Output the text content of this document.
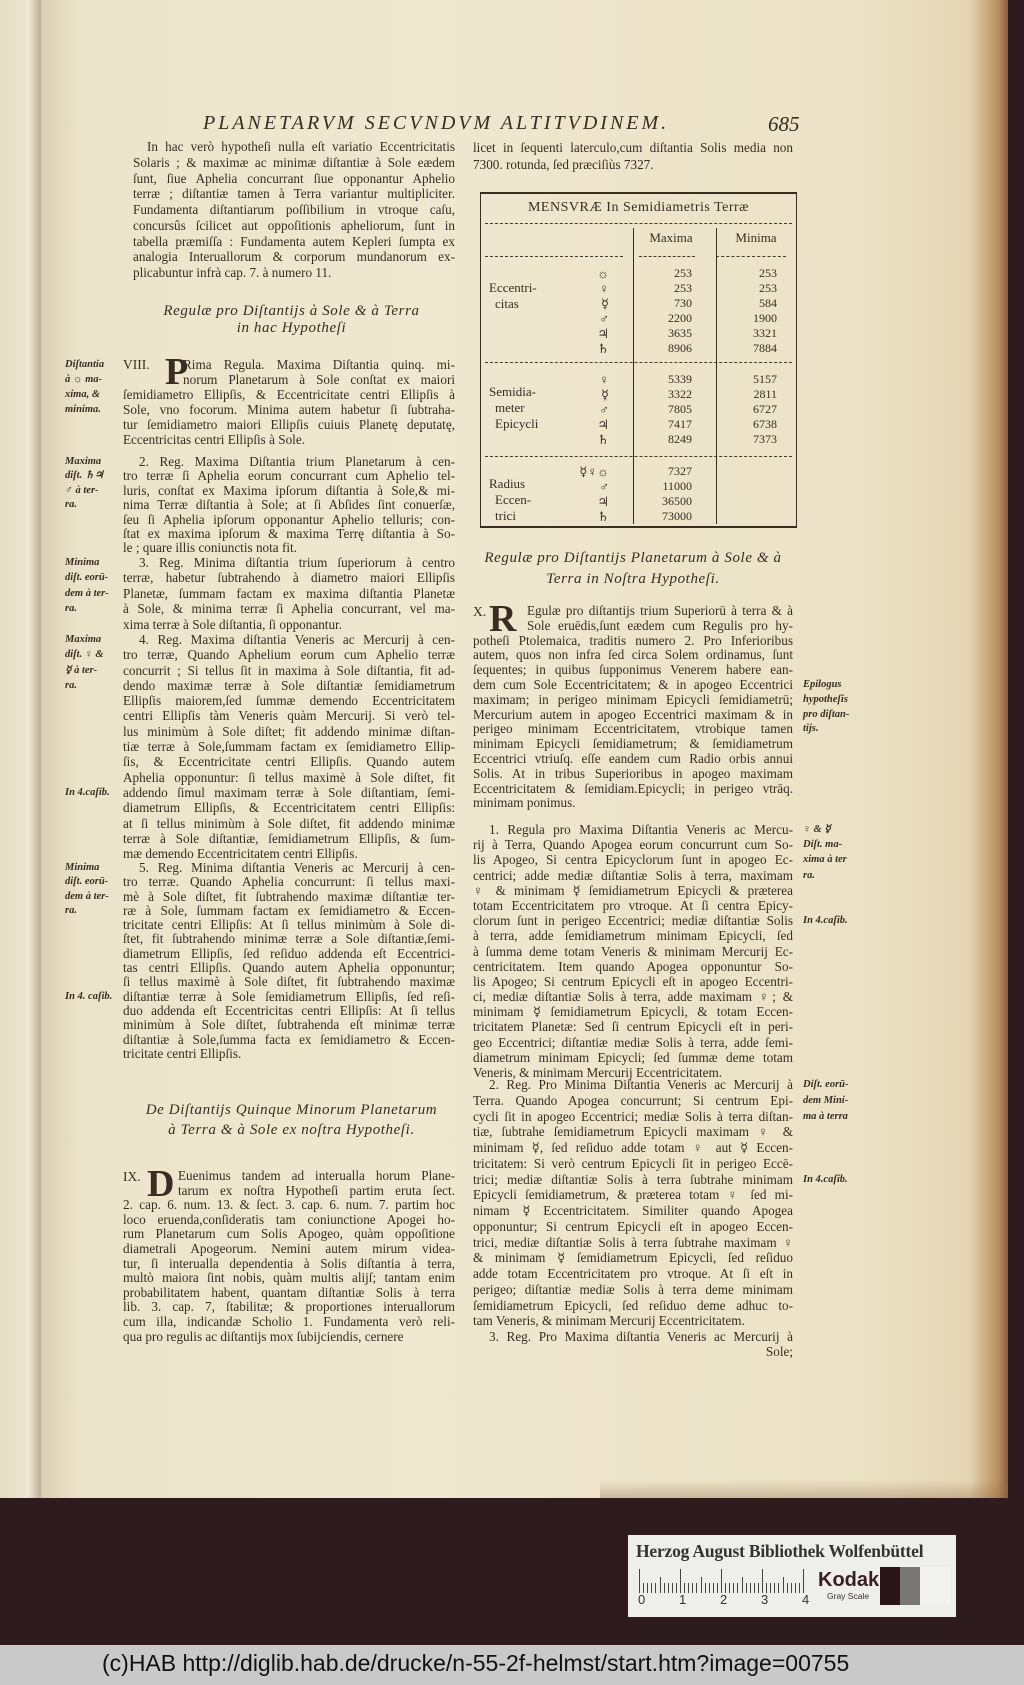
PLANETARVM SECVNDVM ALTITVDINEM.	685
In hac verò hypotheſi nulla eſt variatio Eccentricitatis
Solaris ; & maximæ ac minimæ diſtantiæ à Sole eædem
ſunt, ſiue Aphelia concurrant ſiue opponantur Aphelio
terræ ; diſtantiæ tamen à Terra variantur multipliciter.
Fundamenta diſtantiarum poſſibilium in vtroque caſu,
concursûs ſcilicet aut oppoſitionis apheliorum, ſunt in
tabella præmiſſa : Fundamenta autem Kepleri ſumpta ex
analogia Interuallorum & corporum mundanorum ex-
plicabuntur infrà cap. 7. à numero 11.
Regulæ pro Diſtantijs à Sole & à Terra
in hac Hypotheſi
VIII. P
Rima Regula. Maxima Diſtantia quinq. mi-
Diſtantia
norum Planetarum à Sole conſtat ex maiori
à ☼ ma-
ſemidiametro Ellipſis, & Eccentricitate centri Ellipſis à
xima, &
Sole, vno focorum. Minima autem habetur ſi ſubtraha-
minima.
tur ſemidiametro maiori Ellipſis cuiuis Planetę deputatę,
Eccentricitas centri Ellipſis à Sole.
2. Reg. Maxima Diſtantia trium Planetarum à cen-
Maxima
tro terræ ſi Aphelia eorum concurrant cum Aphelio tel-
diſt. ♄♃
luris, conſtat ex Maxima ipſorum diſtantia à Sole,& mi-
♂ à ter-
nima Terræ diſtantia à Sole; at ſi Abſides ſint conuerſæ,
ra.
ſeu ſi Aphelia ipſorum opponantur Aphelio telluris; con-
ſtat ex maxima ipſorum & maxima Terrę diſtantia à So-
le ; quare illis coniunctis nota fit.
3. Reg. Minima diſtantia trium ſuperiorum à centro
Minima
terræ, habetur ſubtrahendo à diametro maiori Ellipſis
diſt. eorū-
Planetæ, ſummam factam ex maxima diſtantia Planetæ
dem à ter-
à Sole, & minima terræ ſi Aphelia concurrant, vel ma-
ra.
xima terræ à Sole diſtantia, ſi opponantur.
4. Reg. Maxima diſtantia Veneris ac Mercurij à cen-
Maxima
tro terræ, Quando Aphelium eorum cum Aphelio terræ
diſt. ♀ &
concurrit ; Si tellus ſit in maxima à Sole diſtantia, fit ad-
☿ à ter-
dendo maximæ terræ à Sole diſtantiæ ſemidiametrum
ra.
Ellipſis maiorem,ſed ſummæ demendo Eccentricitatem
centri Ellipſis tàm Veneris quàm Mercurij. Si verò tel-
lus minimùm à Sole diſtet; fit addendo minimæ diſtan-
tiæ terræ à Sole,ſummam factam ex ſemidiametro Ellip-
ſis, & Eccentricitate centri Ellipſis. Quando autem
Aphelia opponuntur: ſi tellus maximè à Sole diſtet, fit
addendo ſimul maximam terræ à Sole diſtantiam, ſemi-
In 4.caſib.
diametrum Ellipſis, & Eccentricitatem centri Ellipſis:
at ſi tellus minimùm à Sole diſtet, fit addendo minimæ
terræ à Sole diſtantiæ, ſemidiametrum Ellipſis, & ſum-
mæ demendo Eccentricitatem centri Ellipſis.
5. Reg. Minima diſtantia Veneris ac Mercurij à cen-
Minima
tro terræ. Quando Aphelia concurrunt: ſi tellus maxi-
diſt. eorū-
mè à Sole diſtet, fit ſubtrahendo maximæ diſtantiæ ter-
dem à ter-
ræ à Sole, ſummam factam ex ſemidiametro & Eccen-
ra.
tricitate centri Ellipſis: At ſi tellus minimùm à Sole di-
ſtet, fit ſubtrahendo minimæ terræ a Sole diſtantiæ,ſemi-
diametrum Ellipſis, ſed reſiduo addenda eſt Eccentrici-
tas centri Ellipſis. Quando autem Aphelia opponuntur;
ſi tellus maximè à Sole diſtet, fit ſubtrahendo maximæ
diſtantiæ terræ à Sole ſemidiametrum Ellipſis, ſed reſi-
In 4. caſib.
duo addenda eſt Eccentricitas centri Ellipſis: At ſi tellus
minimùm à Sole diſtet, ſubtrahenda eſt minimæ terræ
diſtantiæ à Sole,ſumma facta ex ſemidiametro & Eccen-
tricitate centri Ellipſis.
De Diſtantijs Quinque Minorum Planetarum
à Terra & à Sole ex noſtra Hypotheſi.
IX. D Euenimus tandem ad interualla horum Plane-
tarum ex noſtra Hypotheſi partim eruta ſect.
2. cap. 6. num. 13. & ſect. 3. cap. 6. num. 7. partim hoc
loco eruenda,conſideratis tam coniunctione Apogei ho-
rum Planetarum cum Solis Apogeo, quàm oppoſitione
diametrali Apogeorum. Nemini autem mirum videa-
tur, ſi interualla dependentia à Solis diſtantia à terra,
multò maiora ſint nobis, quàm multis alijſ; tantam enim
probabilitatem habent, quantam diſtantiæ Solis à terra
lib. 3. cap. 7, ſtabilitæ; & proportiones interuallorum
cum illa, indicandæ Scholio 1. Fundamenta verò reli-
qua pro regulis ac diſtantijs mox ſubijciendis, cernere
licet in ſequenti laterculo,cum diſtantia Solis media non
7300. rotunda, ſed præciſiùs 7327.
MENSVRÆ In Semidiametris Terræ
Maxima	Minima
Eccentri-
citas
☼	253	253
♀	253	253
☿	730	584
♂	2200	1900
♃	3635	3321
♄	8906	7884
Semidia-
meter
Epicycli
♀	5339	5157
☿	3322	2811
♂	7805	6727
♃	7417	6738
♄	8249	7373
Radius
Eccen-
trici
☿♀☼	7327
♂	11000
♃	36500
♄	73000
Regulæ pro Diſtantijs Planetarum à Sole & à
Terra in Noſtra Hypotheſi.
X. R Egulæ pro diſtantijs trium Superiorū à terra & à
Sole eruēdis,ſunt eædem cum Regulis pro hy-
potheſi Ptolemaica, traditis numero 2. Pro Inferioribus
autem, quos non infra ſed circa Solem ordinamus, ſunt
ſequentes; in quibus ſupponimus Venerem habere ean-
dem cum Sole Eccentricitatem; & in apogeo Eccentrici Epilogus
maximam; in perigeo minimam Epicycli ſemidiametrū; hypotheſis
Mercurium autem in apogeo Eccentrici maximam & in pro diſtan-
perigeo minimam Eccentricitatem, vtrobique tamen tijs.
minimam Epicycli ſemidiametrum; & ſemidiametrum
Eccentrici vtriuſq. eſſe eandem cum Radio orbis annui
Solis. At in tribus Superioribus in apogeo maximam
Eccentricitatem & ſemidiam.Epicycli; in perigeo vtrāq.
minimam ponimus.
1. Regula pro Maxima Diſtantia Veneris ac Mercu- ♀ & ☿
rij à Terra, Quando Apogea eorum concurrunt cum So- Diſt. ma-
lis Apogeo, Si centra Epicyclorum ſunt in apogeo Ec- xima à ter
centrici; adde mediæ diſtantiæ Solis à terra, maximam ra.
♀ & minimam ☿ ſemidiametrum Epicycli & præterea
totam Eccentricitatem pro vtroque. At ſi centra Epicy-
clorum ſunt in perigeo Eccentrici; mediæ diſtantiæ Solis In 4.caſib.
à terra, adde ſemidiametrum minimam Epicycli, ſed
à ſumma deme totam Veneris & minimam Mercurij Ec-
centricitatem. Item quando Apogea opponuntur So-
lis Apogeo; Si centrum Epicycli eſt in apogeo Eccentri-
ci, mediæ diſtantiæ Solis à terra, adde maximam ♀; &
minimam ☿ ſemidiametrum Epicycli, & totam Eccen-
tricitatem Planetæ: Sed ſi centrum Epicycli eſt in peri-
geo Eccentrici; diſtantiæ mediæ Solis à terra, adde ſemi-
diametrum minimam Epicycli; ſed ſummæ deme totam
Veneris, & minimam Mercurij Eccentricitatem.
2. Reg. Pro Minima Diſtantia Veneris ac Mercurij à Diſt. eorū-
Terra. Quando Apogea concurrunt; Si centrum Epi- dem Mini-
cycli ſit in apogeo Eccentrici; mediæ Solis à terra diſtan- ma à terra
tiæ, ſubtrahe ſemidiametrum Epicycli maximam ♀ &
minimam ☿, ſed reſiduo adde totam ♀ aut ☿ Eccen-
tricitatem: Si verò centrum Epicycli ſit in perigeo Eccē-
trici; mediæ diſtantiæ Solis à terra ſubtrahe minimam In 4.caſib.
Epicycli ſemidiametrum, & præterea totam ♀ ſed mi-
nimam ☿ Eccentricitatem. Similiter quando Apogea
opponuntur; Si centrum Epicycli eſt in apogeo Eccen-
trici, mediæ diſtantiæ Solis à terra ſubtrahe maximam ♀
& minimam ☿ ſemidiametrum Epicycli, ſed reſiduo
adde totam Eccentricitatem pro vtroque. At ſi eſt in
perigeo; diſtantiæ mediæ Solis à terra deme minimam
ſemidiametrum Epicycli, ſed reſiduo deme adhuc to-
tam Veneris, & minimam Mercurij Eccentricitatem.
3. Reg. Pro Maxima diſtantia Veneris ac Mercurij à
Sole;
Herzog August Bibliothek Wolfenbüttel
0	1	2	3	4
Kodak
Gray Scale
(c)HAB http://diglib.hab.de/drucke/n-55-2f-helmst/start.htm?image=00755
